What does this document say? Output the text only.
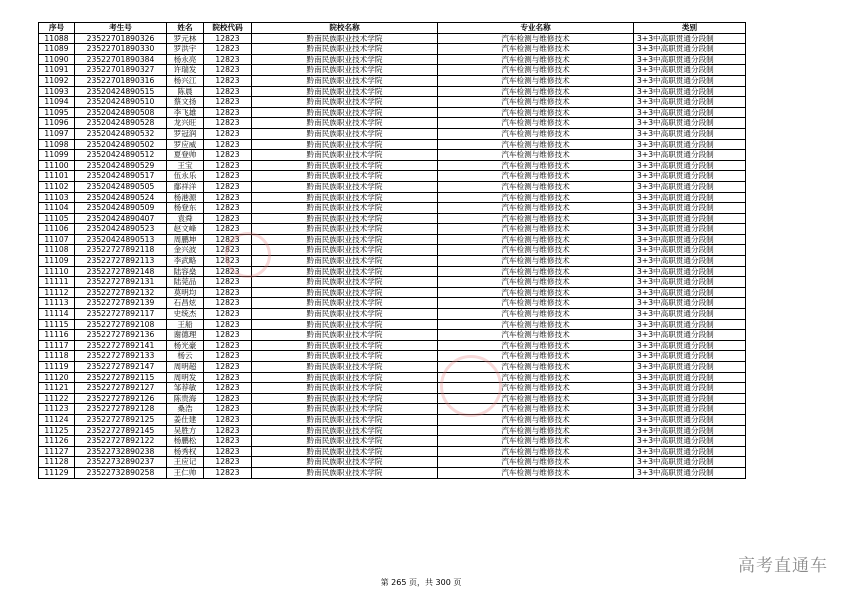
序号	考生号	姓名	院校代码	院校名称	专业名称	类别
11088	23522701890326	罗元林	12823	黔南民族职业技术学院	汽车检测与维修技术	3+3中高职贯通分段制
11089	23522701890330	罗洪宇	12823	黔南民族职业技术学院	汽车检测与维修技术	3+3中高职贯通分段制
11090	23522701890384	杨永亮	12823	黔南民族职业技术学院	汽车检测与维修技术	3+3中高职贯通分段制
11091	23522701890327	许瑞发	12823	黔南民族职业技术学院	汽车检测与维修技术	3+3中高职贯通分段制
11092	23522701890316	杨兴江	12823	黔南民族职业技术学院	汽车检测与维修技术	3+3中高职贯通分段制
11093	23520424890515	陈晨	12823	黔南民族职业技术学院	汽车检测与维修技术	3+3中高职贯通分段制
11094	23520424890510	蔡文扬	12823	黔南民族职业技术学院	汽车检测与维修技术	3+3中高职贯通分段制
11095	23520424890508	李飞雄	12823	黔南民族职业技术学院	汽车检测与维修技术	3+3中高职贯通分段制
11096	23520424890528	龙兴旺	12823	黔南民族职业技术学院	汽车检测与维修技术	3+3中高职贯通分段制
11097	23520424890532	罗冠润	12823	黔南民族职业技术学院	汽车检测与维修技术	3+3中高职贯通分段制
11098	23520424890502	罗应威	12823	黔南民族职业技术学院	汽车检测与维修技术	3+3中高职贯通分段制
11099	23520424890512	夏登帅	12823	黔南民族职业技术学院	汽车检测与维修技术	3+3中高职贯通分段制
11100	23520424890529	王宝	12823	黔南民族职业技术学院	汽车检测与维修技术	3+3中高职贯通分段制
11101	23520424890517	伍永乐	12823	黔南民族职业技术学院	汽车检测与维修技术	3+3中高职贯通分段制
11102	23520424890505	鄢祥洋	12823	黔南民族职业技术学院	汽车检测与维修技术	3+3中高职贯通分段制
11103	23520424890524	杨港源	12823	黔南民族职业技术学院	汽车检测与维修技术	3+3中高职贯通分段制
11104	23520424890509	杨登东	12823	黔南民族职业技术学院	汽车检测与维修技术	3+3中高职贯通分段制
11105	23520424890407	袁舜	12823	黔南民族职业技术学院	汽车检测与维修技术	3+3中高职贯通分段制
11106	23520424890523	赵文峰	12823	黔南民族职业技术学院	汽车检测与维修技术	3+3中高职贯通分段制
11107	23520424890513	周鹏坤	12823	黔南民族职业技术学院	汽车检测与维修技术	3+3中高职贯通分段制
11108	23522727892118	金兴波	12823	黔南民族职业技术学院	汽车检测与维修技术	3+3中高职贯通分段制
11109	23522727892113	李武略	12823	黔南民族职业技术学院	汽车检测与维修技术	3+3中高职贯通分段制
11110	23522727892148	陆容燊	12823	黔南民族职业技术学院	汽车检测与维修技术	3+3中高职贯通分段制
11111	23522727892131	陆莞品	12823	黔南民族职业技术学院	汽车检测与维修技术	3+3中高职贯通分段制
11112	23522727892132	莫明均	12823	黔南民族职业技术学院	汽车检测与维修技术	3+3中高职贯通分段制
11113	23522727892139	石昌炫	12823	黔南民族职业技术学院	汽车检测与维修技术	3+3中高职贯通分段制
11114	23522727892117	史统杰	12823	黔南民族职业技术学院	汽车检测与维修技术	3+3中高职贯通分段制
11115	23522727892108	王船	12823	黔南民族职业技术学院	汽车检测与维修技术	3+3中高职贯通分段制
11116	23522727892136	谢德理	12823	黔南民族职业技术学院	汽车检测与维修技术	3+3中高职贯通分段制
11117	23522727892141	杨光豪	12823	黔南民族职业技术学院	汽车检测与维修技术	3+3中高职贯通分段制
11118	23522727892133	杨云	12823	黔南民族职业技术学院	汽车检测与维修技术	3+3中高职贯通分段制
11119	23522727892147	周明超	12823	黔南民族职业技术学院	汽车检测与维修技术	3+3中高职贯通分段制
11120	23522727892115	周明发	12823	黔南民族职业技术学院	汽车检测与维修技术	3+3中高职贯通分段制
11121	23522727892127	邹荐敏	12823	黔南民族职业技术学院	汽车检测与维修技术	3+3中高职贯通分段制
11122	23522727892126	陈贵海	12823	黔南民族职业技术学院	汽车检测与维修技术	3+3中高职贯通分段制
11123	23522727892128	桑浩	12823	黔南民族职业技术学院	汽车检测与维修技术	3+3中高职贯通分段制
11124	23522727892125	姜仕建	12823	黔南民族职业技术学院	汽车检测与维修技术	3+3中高职贯通分段制
11125	23522727892145	吴胜方	12823	黔南民族职业技术学院	汽车检测与维修技术	3+3中高职贯通分段制
11126	23522727892122	杨鹏松	12823	黔南民族职业技术学院	汽车检测与维修技术	3+3中高职贯通分段制
11127	23522732890238	杨秀权	12823	黔南民族职业技术学院	汽车检测与维修技术	3+3中高职贯通分段制
11128	23522732890237	王应记	12823	黔南民族职业技术学院	汽车检测与维修技术	3+3中高职贯通分段制
11129	23522732890258	王仁帅	12823	黔南民族职业技术学院	汽车检测与维修技术	3+3中高职贯通分段制
高考直通车
第 265 页，共 300 页
